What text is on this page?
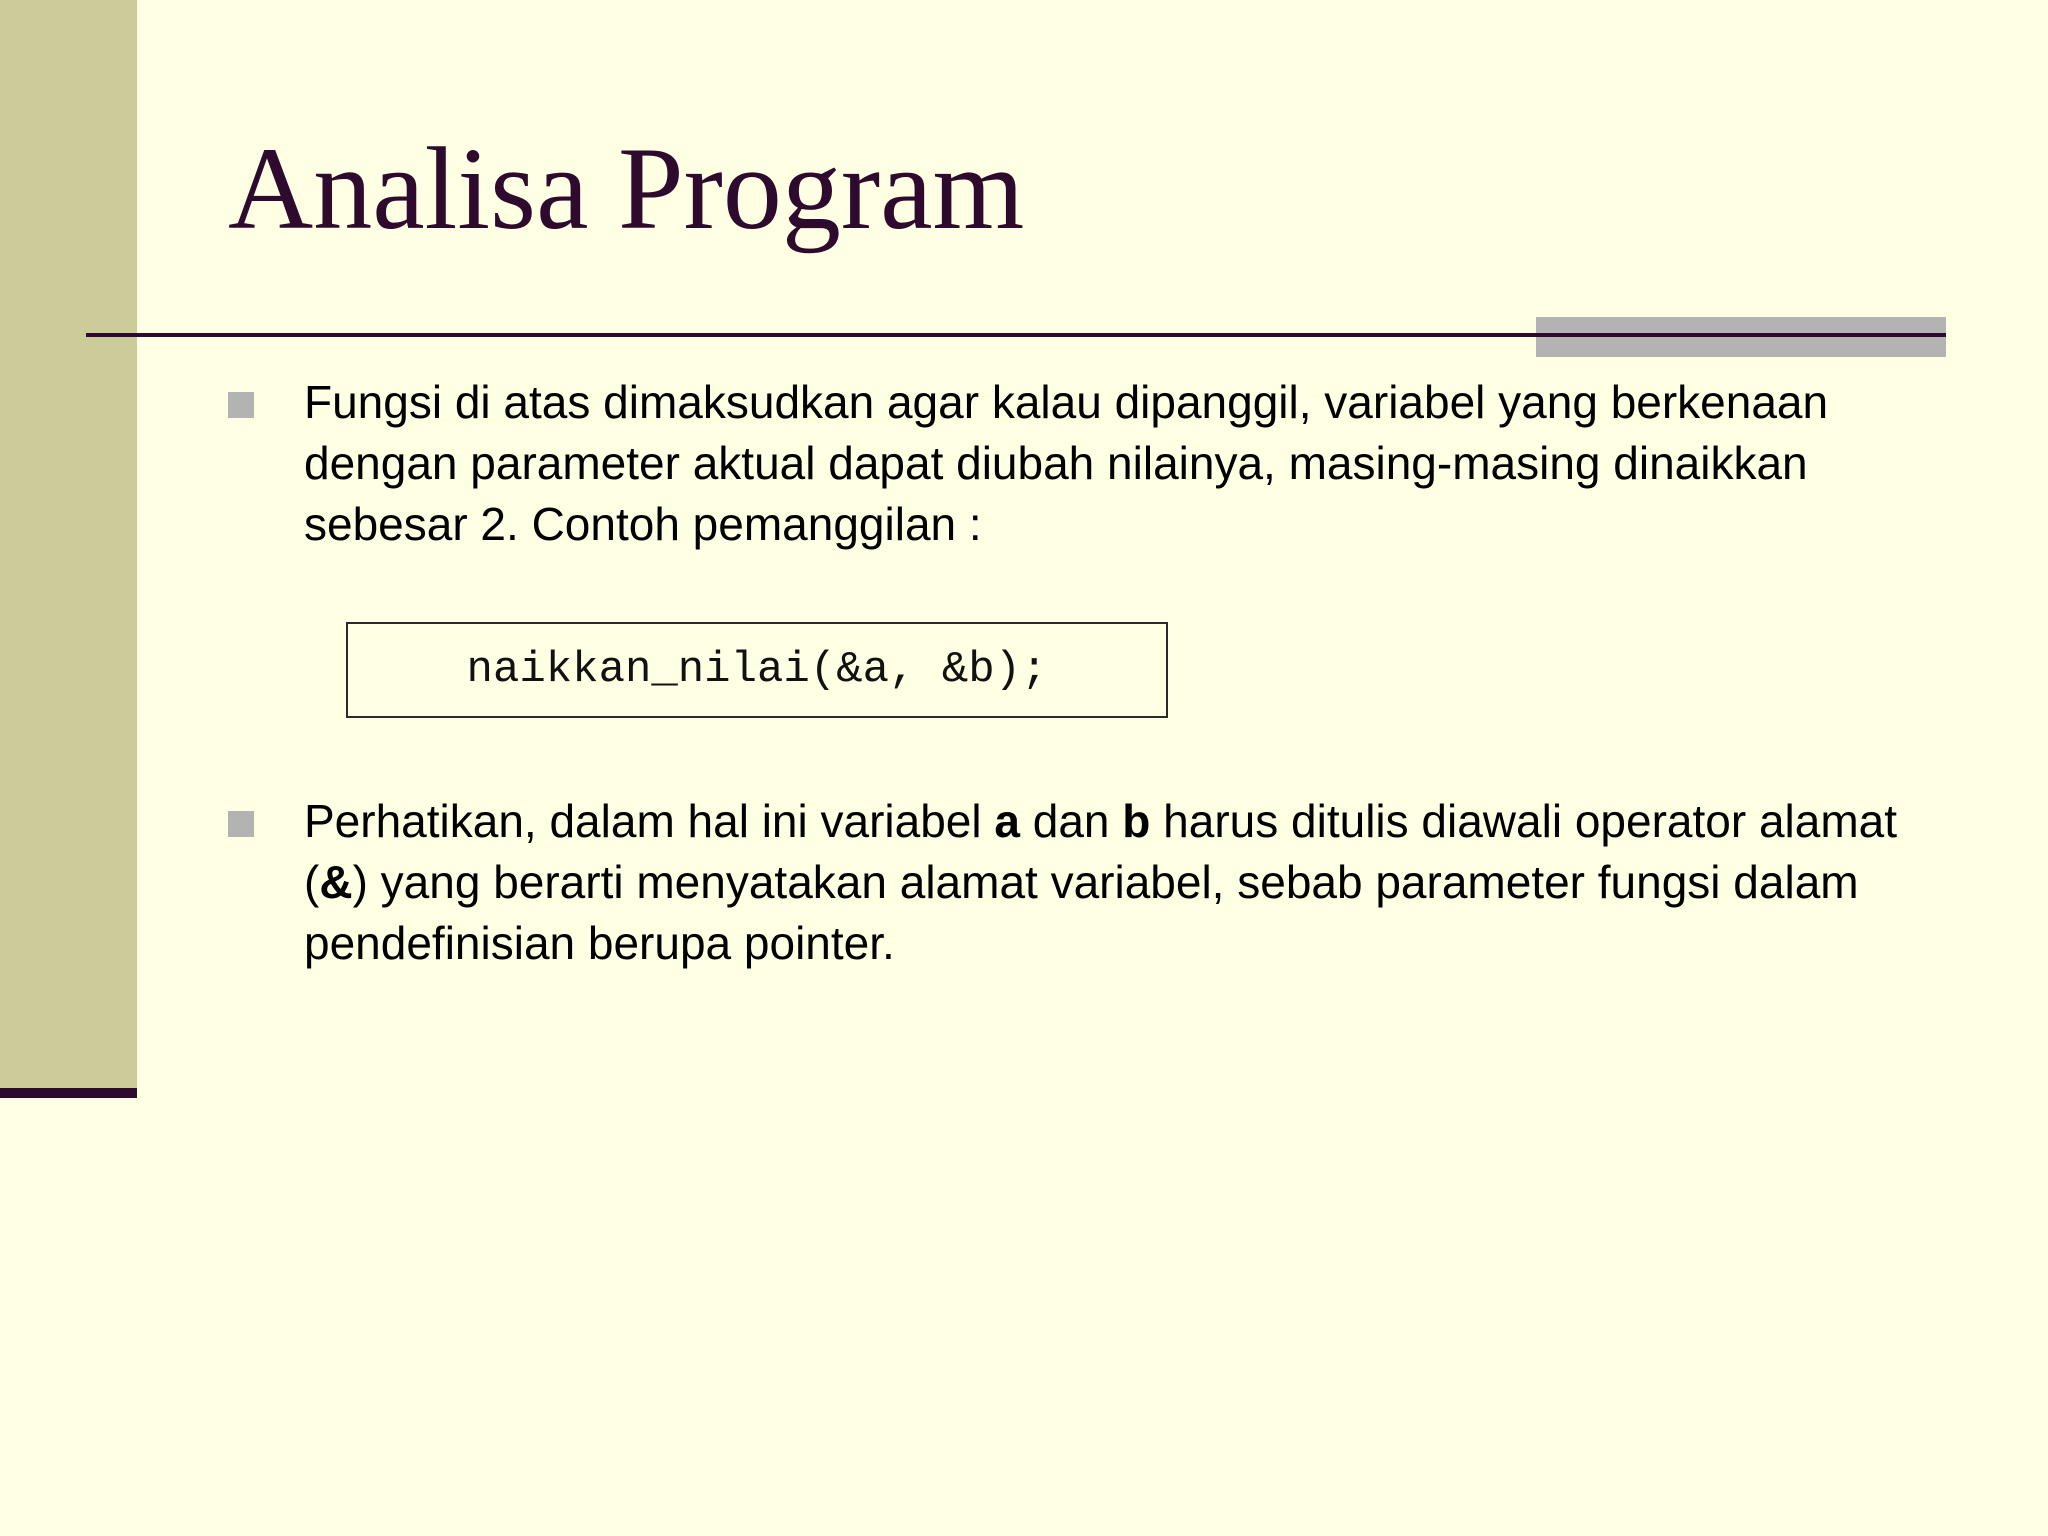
Analisa Program
Fungsi di atas dimaksudkan agar kalau dipanggil, variabel yang berkenaan dengan parameter aktual dapat diubah nilainya, masing-masing dinaikkan sebesar 2. Contoh pemanggilan :
naikkan_nilai(&a, &b);
Perhatikan, dalam hal ini variabel a dan b harus ditulis diawali operator alamat (&) yang berarti menyatakan alamat variabel, sebab parameter fungsi dalam pendefinisian berupa pointer.
